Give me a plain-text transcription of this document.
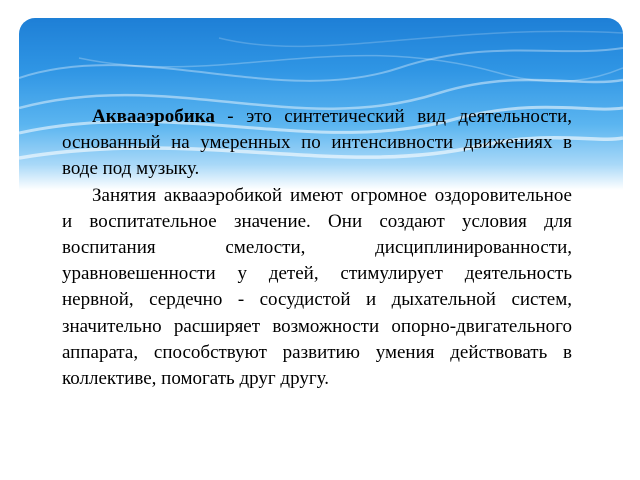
Аквааэробика - это синтетический вид деятельности, основанный на умеренных по интенсивности движениях в воде под музыку.

Занятия аквааэробикой имеют огромное оздоровительное и воспитательное значение. Они создают условия для воспитания смелости, дисциплинированности, уравновешенности у детей, стимулирует деятельность нервной, сердечно - сосудистой и дыхательной систем, значительно расширяет возможности опорно-двигательного аппарата, способствуют развитию умения действовать в коллективе, помогать друг другу.
